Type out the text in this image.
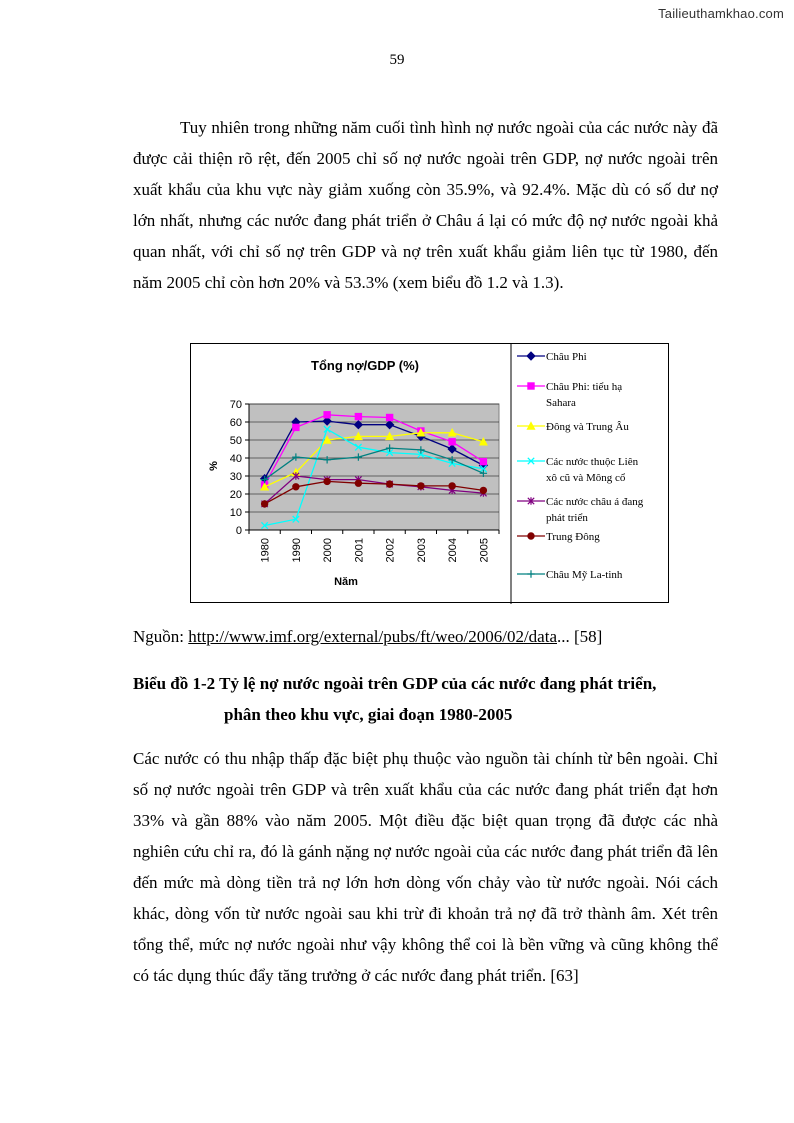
Tailieuthamkhao.com
59

Tuy nhiên trong những năm cuối tình hình nợ nước ngoài của các nước này đã được cải thiện rõ rệt, đến 2005 chỉ số nợ nước ngoài trên GDP, nợ nước ngoài trên xuất khẩu của khu vực này giảm xuống còn 35.9%, và 92.4%. Mặc dù có số dư nợ lớn nhất, nhưng các nước đang phát triển ở Châu á lại có mức độ nợ nước ngoài khả quan nhất, với chỉ số nợ trên GDP và nợ trên xuất khẩu giảm liên tục từ 1980, đến năm 2005 chỉ còn hơn 20% và 53.3% (xem biểu đồ 1.2 và 1.3).

Tổng nợ/GDP (%)
0
10
20
30
40
50
60
70
1980 1990 2000 2001 2002 2003 2004 2005
Châu Phi
Châu Phi: tiểu hạ Sahara
Đông và Trung Âu
Các nước thuộc Liên xô cũ và Mông cổ
Các nước châu á đang phát triển
Trung Đông
Châu Mỹ La-tinh
Năm
%
Nguồn: http://www.imf.org/external/pubs/ft/weo/2006/02/data... [58]
Biểu đồ 1-2 Tỷ lệ nợ nước ngoài trên GDP của các nước đang phát triển,
phân theo khu vực, giai đoạn 1980-2005

Các nước có thu nhập thấp đặc biệt phụ thuộc vào nguồn tài chính từ bên ngoài. Chỉ số nợ nước ngoài trên GDP và trên xuất khẩu của các nước đang phát triển đạt hơn 33% và gần 88% vào năm 2005. Một điều đặc biệt quan trọng đã được các nhà nghiên cứu chỉ ra, đó là gánh nặng nợ nước ngoài của các nước đang phát triển đã lên đến mức mà dòng tiền trả nợ lớn hơn dòng vốn chảy vào từ nước ngoài. Nói cách khác, dòng vốn từ nước ngoài sau khi trừ đi khoản trả nợ đã trở thành âm. Xét trên tổng thể, mức nợ nước ngoài như vậy không thể coi là bền vững và cũng không thể có tác dụng thúc đẩy tăng trưởng ở các nước đang phát triển. [63]
